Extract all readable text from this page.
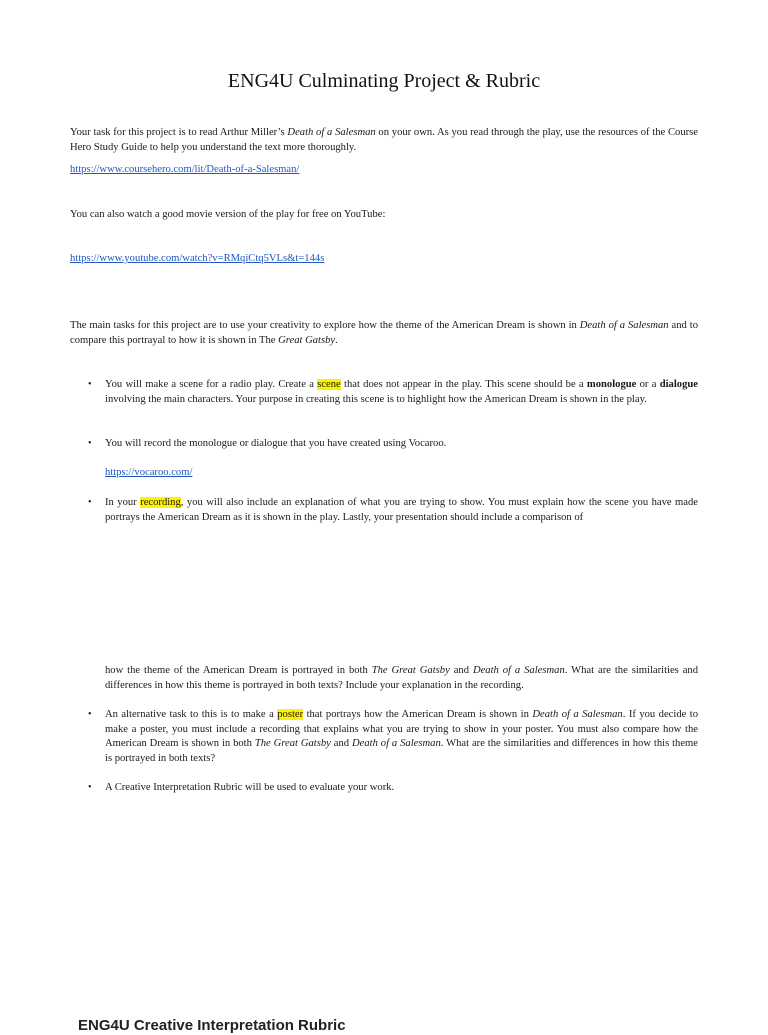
ENG4U Culminating Project & Rubric

Your task for this project is to read Arthur Miller’s Death of a Salesman on your own. As you read through the play, use the resources of the Course Hero Study Guide to help you understand the text more thoroughly.

https://www.coursehero.com/lit/Death-of-a-Salesman/

You can also watch a good movie version of the play for free on YouTube:

https://www.youtube.com/watch?v=RMqiCtq5VLs&t=144s

The main tasks for this project are to use your creativity to explore how the theme of the American Dream is shown in Death of a Salesman and to compare this portrayal to how it is shown in The Great Gatsby.

• You will make a scene for a radio play. Create a scene that does not appear in the play. This scene should be a monologue or a dialogue involving the main characters. Your purpose in creating this scene is to highlight how the American Dream is shown in the play.

• You will record the monologue or dialogue that you have created using Vocaroo.

https://vocaroo.com/
• In your recording, you will also include an explanation of what you are trying to show. You must explain how the scene you have made portrays the American Dream as it is shown in the play. Lastly, your presentation should include a comparison of

how the theme of the American Dream is portrayed in both The Great Gatsby and Death of a Salesman. What are the similarities and differences in how this theme is portrayed in both texts? Include your explanation in the recording.

• An alternative task to this is to make a poster that portrays how the American Dream is shown in Death of a Salesman. If you decide to make a poster, you must include a recording that explains what you are trying to show in your poster. You must also compare how the American Dream is shown in both The Great Gatsby and Death of a Salesman. What are the similarities and differences in how this theme is portrayed in both texts?

• A Creative Interpretation Rubric will be used to evaluate your work.

ENG4U Creative Interpretation Rubric
